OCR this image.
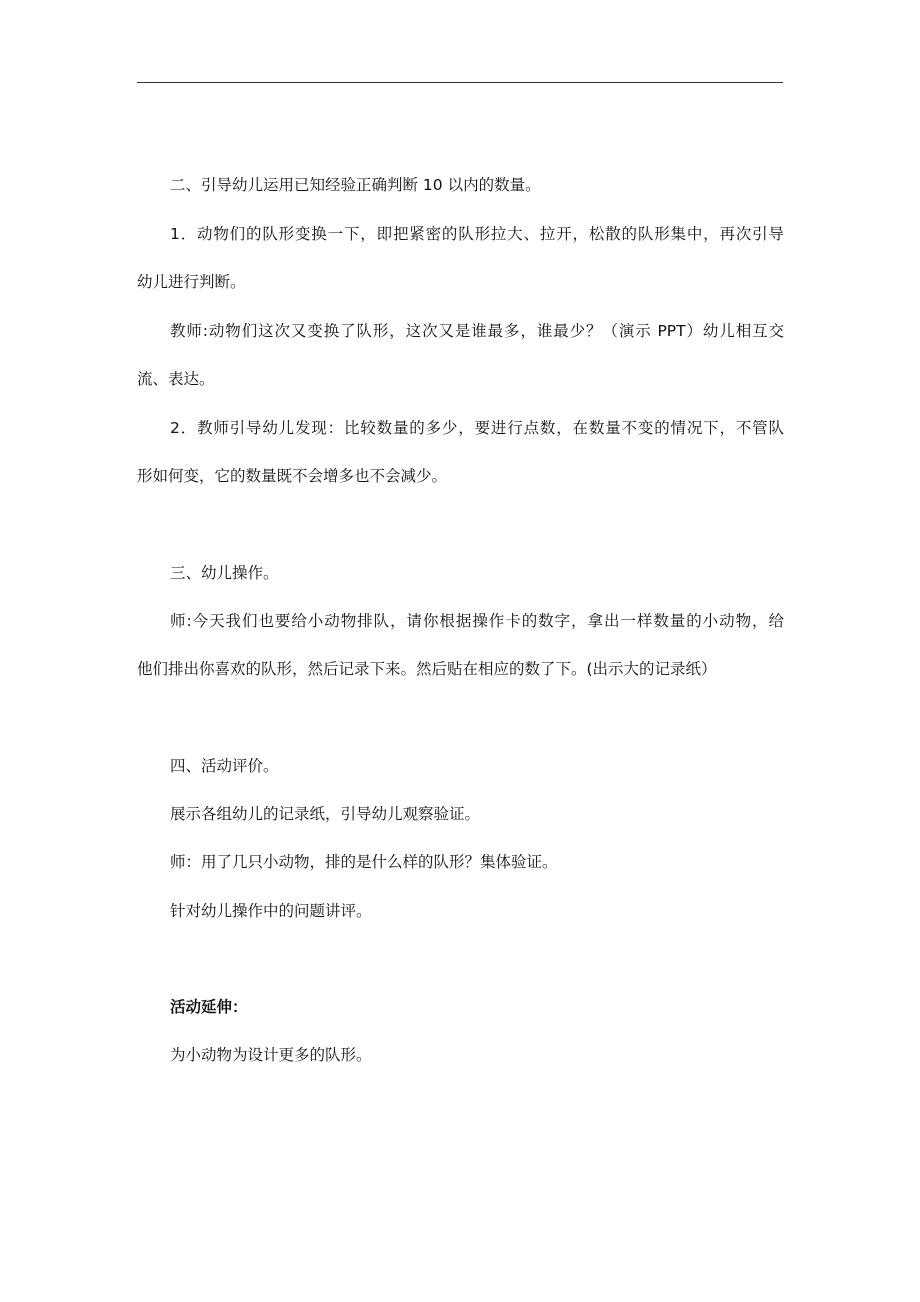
二、引导幼儿运用已知经验正确判断 10 以内的数量。

1．动物们的队形变换一下，即把紧密的队形拉大、拉开，松散的队形集中，再次引导

幼儿进行判断。

教师:动物们这次又变换了队形，这次又是谁最多，谁最少？（演示 PPT）幼儿相互交

流、表达。

2．教师引导幼儿发现：比较数量的多少，要进行点数，在数量不变的情况下，不管队

形如何变，它的数量既不会增多也不会减少。

三、幼儿操作。

师:今天我们也要给小动物排队，请你根据操作卡的数字，拿出一样数量的小动物，给

他们排出你喜欢的队形，然后记录下来。然后贴在相应的数了下。(出示大的记录纸）

四、活动评价。

展示各组幼儿的记录纸，引导幼儿观察验证。

师：用了几只小动物，排的是什么样的队形？集体验证。

针对幼儿操作中的问题讲评。

活动延伸：

为小动物为设计更多的队形。
